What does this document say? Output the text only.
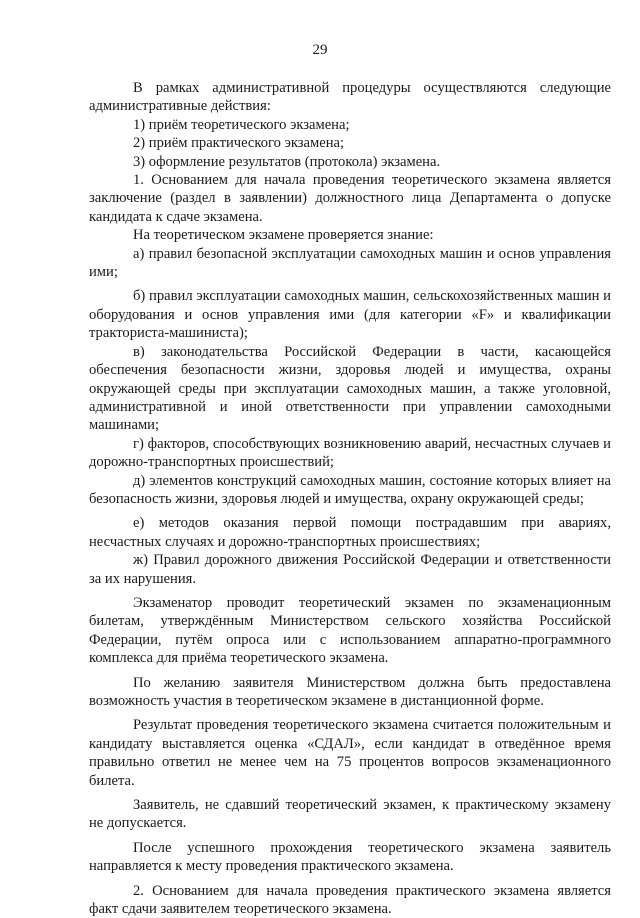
29

В рамках административной процедуры осуществляются следующие административные действия:

1) приём теоретического экзамена;

2) приём практического экзамена;

3) оформление результатов (протокола) экзамена.

1. Основанием для начала проведения теоретического экзамена является заключение (раздел в заявлении) должностного лица Департамента о допуске кандидата к сдаче экзамена.

На теоретическом экзамене проверяется знание:

а) правил безопасной эксплуатации самоходных машин и основ управления ими;

б) правил эксплуатации самоходных машин, сельскохозяйственных машин и оборудования и основ управления ими (для категории «F» и квалификации тракториста-машиниста);

в) законодательства Российской Федерации в части, касающейся обеспечения безопасности жизни, здоровья людей и имущества, охраны окружающей среды при эксплуатации самоходных машин, а также уголовной, административной и иной ответственности при управлении самоходными машинами;

г) факторов, способствующих возникновению аварий, несчастных случаев и дорожно-транспортных происшествий;

д) элементов конструкций самоходных машин, состояние которых влияет на безопасность жизни, здоровья людей и имущества, охрану окружающей среды;

е) методов оказания первой помощи пострадавшим при авариях, несчастных случаях и дорожно-транспортных происшествиях;

ж) Правил дорожного движения Российской Федерации и ответственности за их нарушения.

Экзаменатор проводит теоретический экзамен по экзаменационным билетам, утверждённым Министерством сельского хозяйства Российской Федерации, путём опроса или с использованием аппаратно-программного комплекса для приёма теоретического экзамена.

По желанию заявителя Министерством должна быть предоставлена возможность участия в теоретическом экзамене в дистанционной форме.

Результат проведения теоретического экзамена считается положительным и кандидату выставляется оценка «СДАЛ», если кандидат в отведённое время правильно ответил не менее чем на 75 процентов вопросов экзаменационного билета.

Заявитель, не сдавший теоретический экзамен, к практическому экзамену не допускается.

После успешного прохождения теоретического экзамена заявитель направляется к месту проведения практического экзамена.

2. Основанием для начала проведения практического экзамена является факт сдачи заявителем теоретического экзамена.
